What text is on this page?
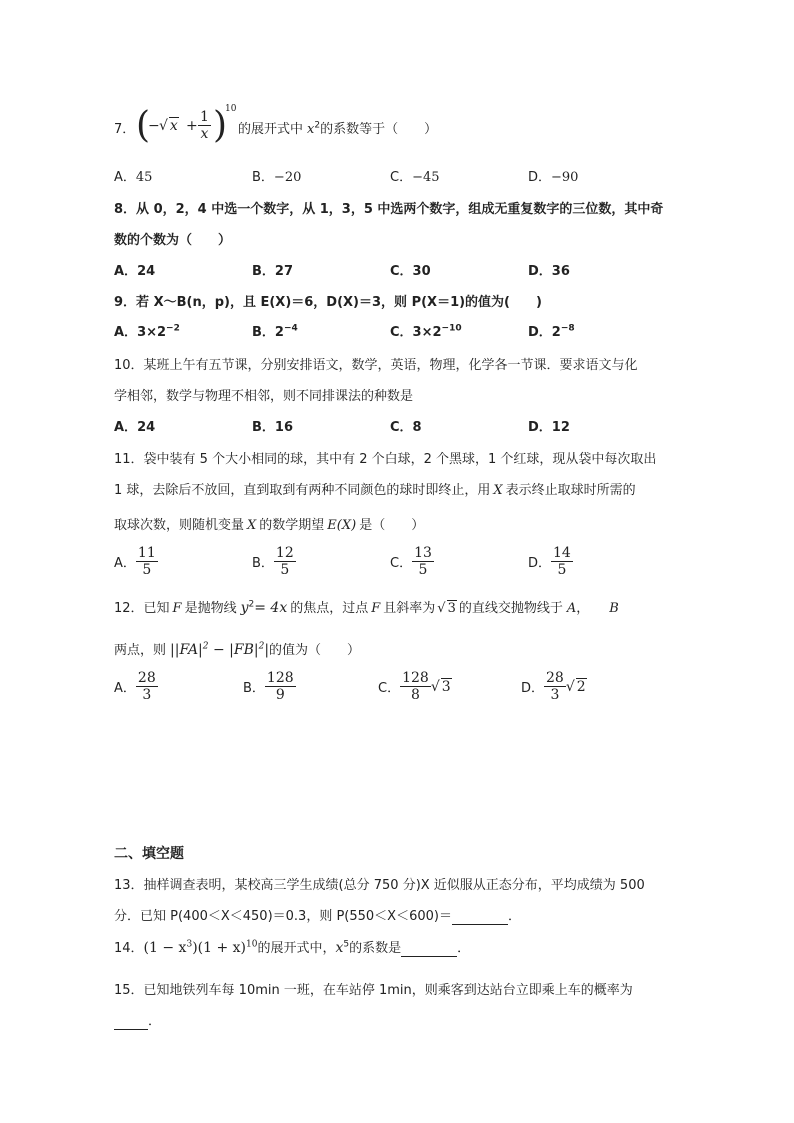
7． (
− √ $x + \frac{1}{x}$ )
10
的展开式中 $x^2$的系数等于（　　）
A．45	B．−20	C．−45	D．−90
8．从 0，2，4 中选一个数字，从 1，3，5 中选两个数字，组成无重复数字的三位数，其中奇
数的个数为（　　）
A．24	B．27	C．30	D．36
9．若 X～B(n，p)，且 E(X)＝6，D(X)＝3，则 P(X＝1)的值为(　　)
A．$3\times 2^{-2}$	B．$2^{-4}$	C．$3\times 2^{-10}$	D．$2^{-8}$
10．某班上午有五节课，分别安排语文，数学，英语，物理，化学各一节课．要求语文与化
学相邻，数学与物理不相邻，则不同排课法的种数是
A．24	B．16	C．8	D．12
11．袋中装有 5 个大小相同的球，其中有 2 个白球，2 个黑球，1 个红球，现从袋中每次取出
1 球，去除后不放回，直到取到有两种不同颜色的球时即终止，用 X 表示终止取球时所需的
取球次数，则随机变量 X 的数学期望 E(X) 是（　　）
A． $\frac{11}{5}$	B． $\frac{12}{5}$	C． $\frac{13}{5}$	D． $\frac{14}{5}$
12．已知 F 是抛物线 $y^2= 4x$ 的焦点，过点 F 且斜率为 √ 3 的直线交抛物线于 A， B
两点，则 $||FA|^2 - |FB|^2|$的值为（　　）
A． $\frac{28}{3}$	B． $\frac{128}{9}$	C． $\frac{128}{8}$ √ 3	D． $\frac{28}{3}$ √ 2
二、填空题
13．抽样调查表明，某校高三学生成绩(总分 750 分)X 近似服从正态分布，平均成绩为 500
分．已知 P(400＜X＜450)＝0.3，则 P(550＜X＜600)＝	．
14．$(1 - x^3)(1 + x)^{10}$的展开式中，$x^5$的系数是	．
15．已知地铁列车每 10min 一班，在车站停 1min，则乘客到达站台立即乘上车的概率为
．
